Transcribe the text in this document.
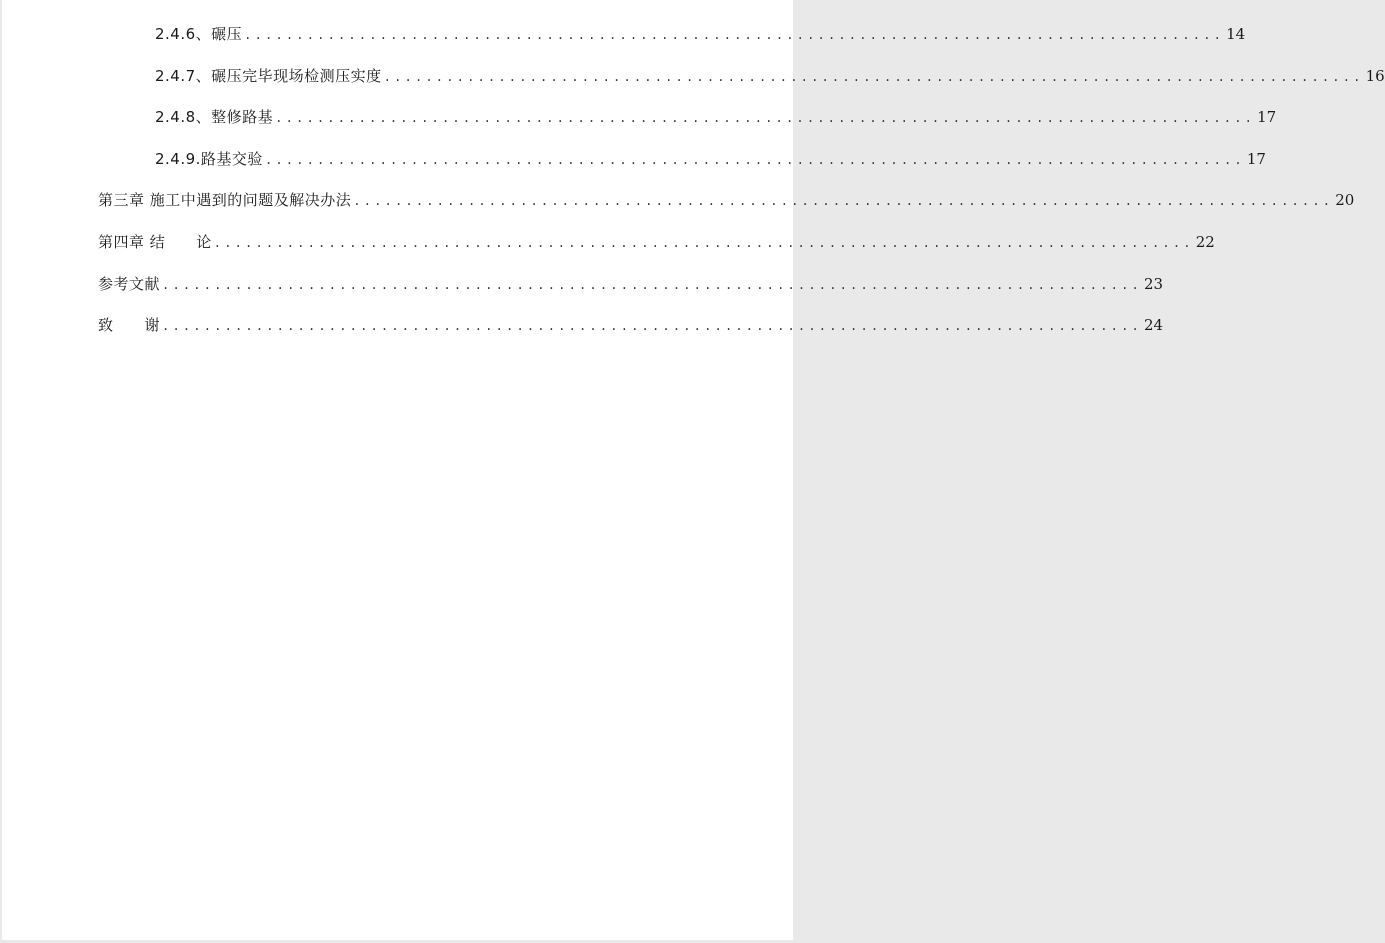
2.4.6、碾压 .............................................................................................. 14
2.4.7、碾压完毕现场检测压实度 .............................................................................................. 16
2.4.8、整修路基 .............................................................................................. 17
2.4.9.路基交验 .............................................................................................. 17
第三章 施工中遇到的问题及解决办法 .............................................................................................. 20
第四章 结　　论 .............................................................................................. 22
参考文献 .............................................................................................. 23
致　　谢 .............................................................................................. 24
